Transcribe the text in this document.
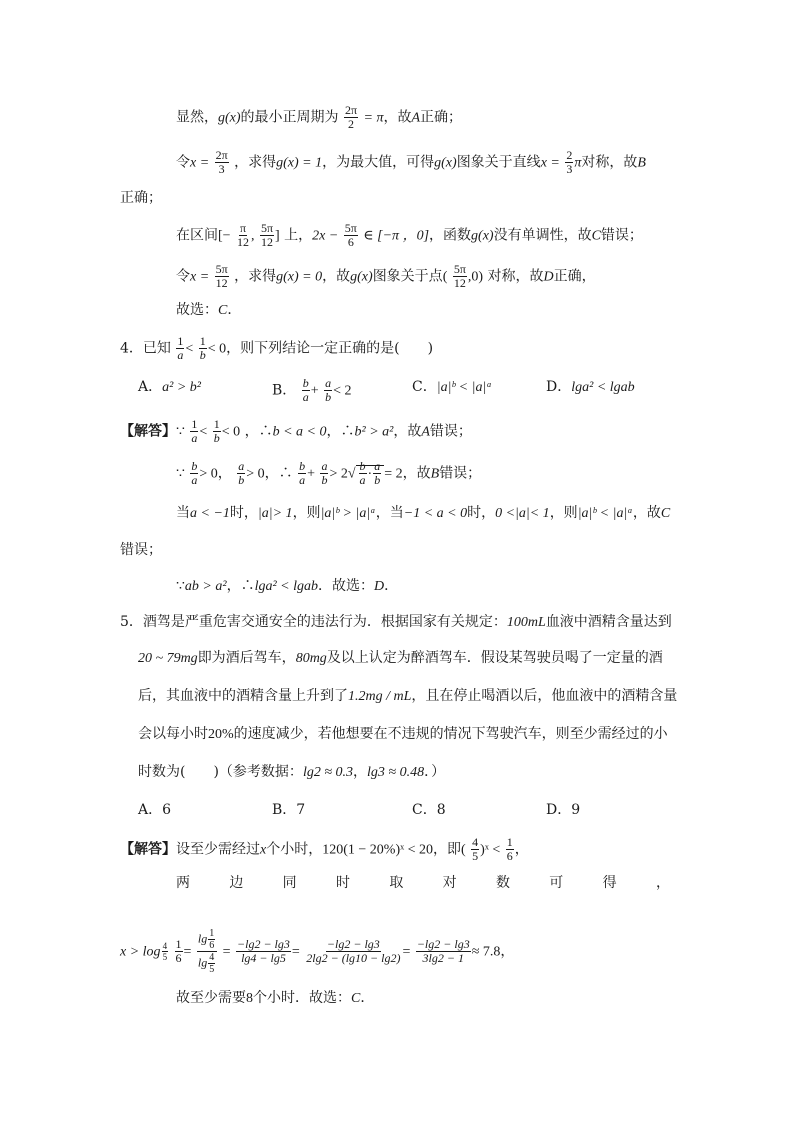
显然，g(x)的最小正周期为 $\frac{2\pi}{2} = \pi$，故A正确；
令$x = \frac{2\pi}{3}$ ，求得g(x) = 1，为最大值，可得g(x)图象关于直线$x = \frac{2}{3}$ π对称，故B
正确；
在区间[− $\frac{\pi}{12}$ , $\frac{5\pi}{12}$ ] 上，$2x - \frac{5\pi}{6}$ ∈ [−π ，0]，函数g(x)没有单调性，故C错误；
令$x = \frac{5\pi}{12}$ ，求得g(x) = 0，故g(x)图象关于点( $\frac{5\pi}{12} ,0$) 对称，故D正确，
故选：C．
4．已知 $\frac{1}{a} < \frac{1}{b} < 0$，则下列结论一定正确的是(　　)
A．a² > b²	B． $\frac{b}{a} + \frac{a}{b} < 2$	C．|a|ᵇ < |a|ᵃ	D．lga² < lgab
【解答】∵ $\frac{1}{a} < \frac{1}{b} < 0$ ，∴b < a < 0，∴b² > a²，故A错误；
∵ $\frac{b}{a} > 0$， $\frac{a}{b} > 0$，∴ $\frac{b}{a} + \frac{a}{b} > 2√ \frac{b}{a} \cdot \frac{a}{b} = 2$，故B错误；
当a < −1时，|a|> 1，则|a|ᵇ > |a|ᵃ，当−1 < a < 0时，0 <|a|< 1，则|a|ᵇ < |a|ᵃ，故C
错误；
∵ab > a²，∴lga² < lgab．故选：D．
5．酒驾是严重危害交通安全的违法行为．根据国家有关规定：100mL血液中酒精含量达到
20 ~ 79mg即为酒后驾车，80mg及以上认定为醉酒驾车．假设某驾驶员喝了一定量的酒
后，其血液中的酒精含量上升到了1.2mg / mL，且在停止喝酒以后，他血液中的酒精含量
会以每小时20%的速度减少，若他想要在不违规的情况下驾驶汽车，则至少需经过的小
时数为(　　)（参考数据：lg2 ≈ 0.3，lg3 ≈ 0.48．）
A．6	B．7	C．8	D．9
【解答】设至少需经过x个小时，120(1 − 20%)ˣ < 20，即( $\frac{4}{5}$ )ˣ < $\frac{1}{6}$ ，
两	边	同	时	取	对	数	可	得	，
$x > \log \frac{4}{5}$
$\frac{1}{6} = \frac{\lg \frac{1}{6}}{\lg \frac{4}{5}} = \frac{-\lg 2 - \lg 3}{\lg 4 - \lg 5} = \frac{-\lg 2 - \lg 3}{2\lg 2 - (\lg 10 - \lg 2)} = \frac{-\lg 2 - \lg 3}{3\lg 2 - 1} \approx 7.8$，
故至少需要8个小时．故选：C．
